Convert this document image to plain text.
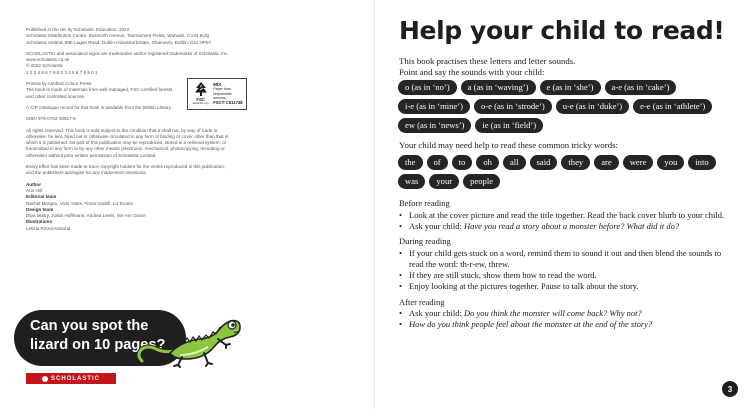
Published in the UK by Scholastic Education, 2022

Scholastic Distribution Centre, Bosworth Avenue, Tournament Fields, Warwick, CV34 6UQ

Scholastic Ireland, 89E Lagan Road, Dublin Industrial Estate, Glasnevin, Dublin, D11 HP07

SCHOLASTIC and associated logos are trademarks and/or registered trademarks of Scholastic Inc.

www.scholastic.co.uk

© 2022 Scholastic

1 2 3 4 5 6 7 8 9 2 3 4 5 6 7 8 9 0 1

Printed by Ashford Colour Press

The book is made of materials from well-managed, FSC-certified forests

and other controlled sources.

A CIP catalogue record for this book is available from the British Library.

ISBN 978-0702-30917-5

All rights reserved. This book is sold subject to the condition that it shall not, by way of trade or

otherwise, be lent, hired out or otherwise circulated in any form of binding or cover other than that in

which it is published. No part of this publication may be reproduced, stored in a retrieval system, or

transmitted in any form or by any other means (electronic, mechanical, photocopying, recording or

otherwise) without prior written permission of Scholastic Limited.

Every effort has been made to trace copyright holders for the works reproduced in this publication,

and the publishers apologise for any inadvertent omissions.

Author

Ann Hill

Editorial team

Rachel Morgan, Vicki Yates, Fiona Undrill, Liz Evans

Design team

Dipa Mistry, Justin Hoffmann, Andrea Lewis, We Are Grace

Illustrations

Letizia Rizzo/Astound

FSC
www.fsc.org
MIX
Paper from
responsible sources
FSC® C011748
Can you spot the
lizard on 10 pages?
SCHOLASTIC
Help your child to read!

This book practises these letters and letter sounds.

Point and say the sounds with your child:

o (as in ‘no’)	a (as in ‘waving’)	e (as in ‘she’)	a-e (as in ‘cake’)
i-e (as in ‘mine’)	o-e (as in ‘strode’)	u-e (as in ‘duke’)	e-e (as in ‘athlete’)
ew (as in ‘news’)	ie (as in ‘field’)
Your child may need help to read these common tricky words:
the	of	to	oh	all	said	they	are	were	you	into
was	your	people
Before reading
• Look at the cover picture and read the title together. Read the back cover blurb to your child.
• Ask your child: Have you read a story about a monster before? What did it do?
During reading
• If your child gets stuck on a word, remind them to sound it out and then blend the sounds to read the word: th-r-ew, threw.
• If they are still stuck, show them how to read the word.
• Enjoy looking at the pictures together. Pause to talk about the story.
After reading
• Ask your child: Do you think the monster will come back? Why not?
• How do you think people feel about the monster at the end of the story?
3
